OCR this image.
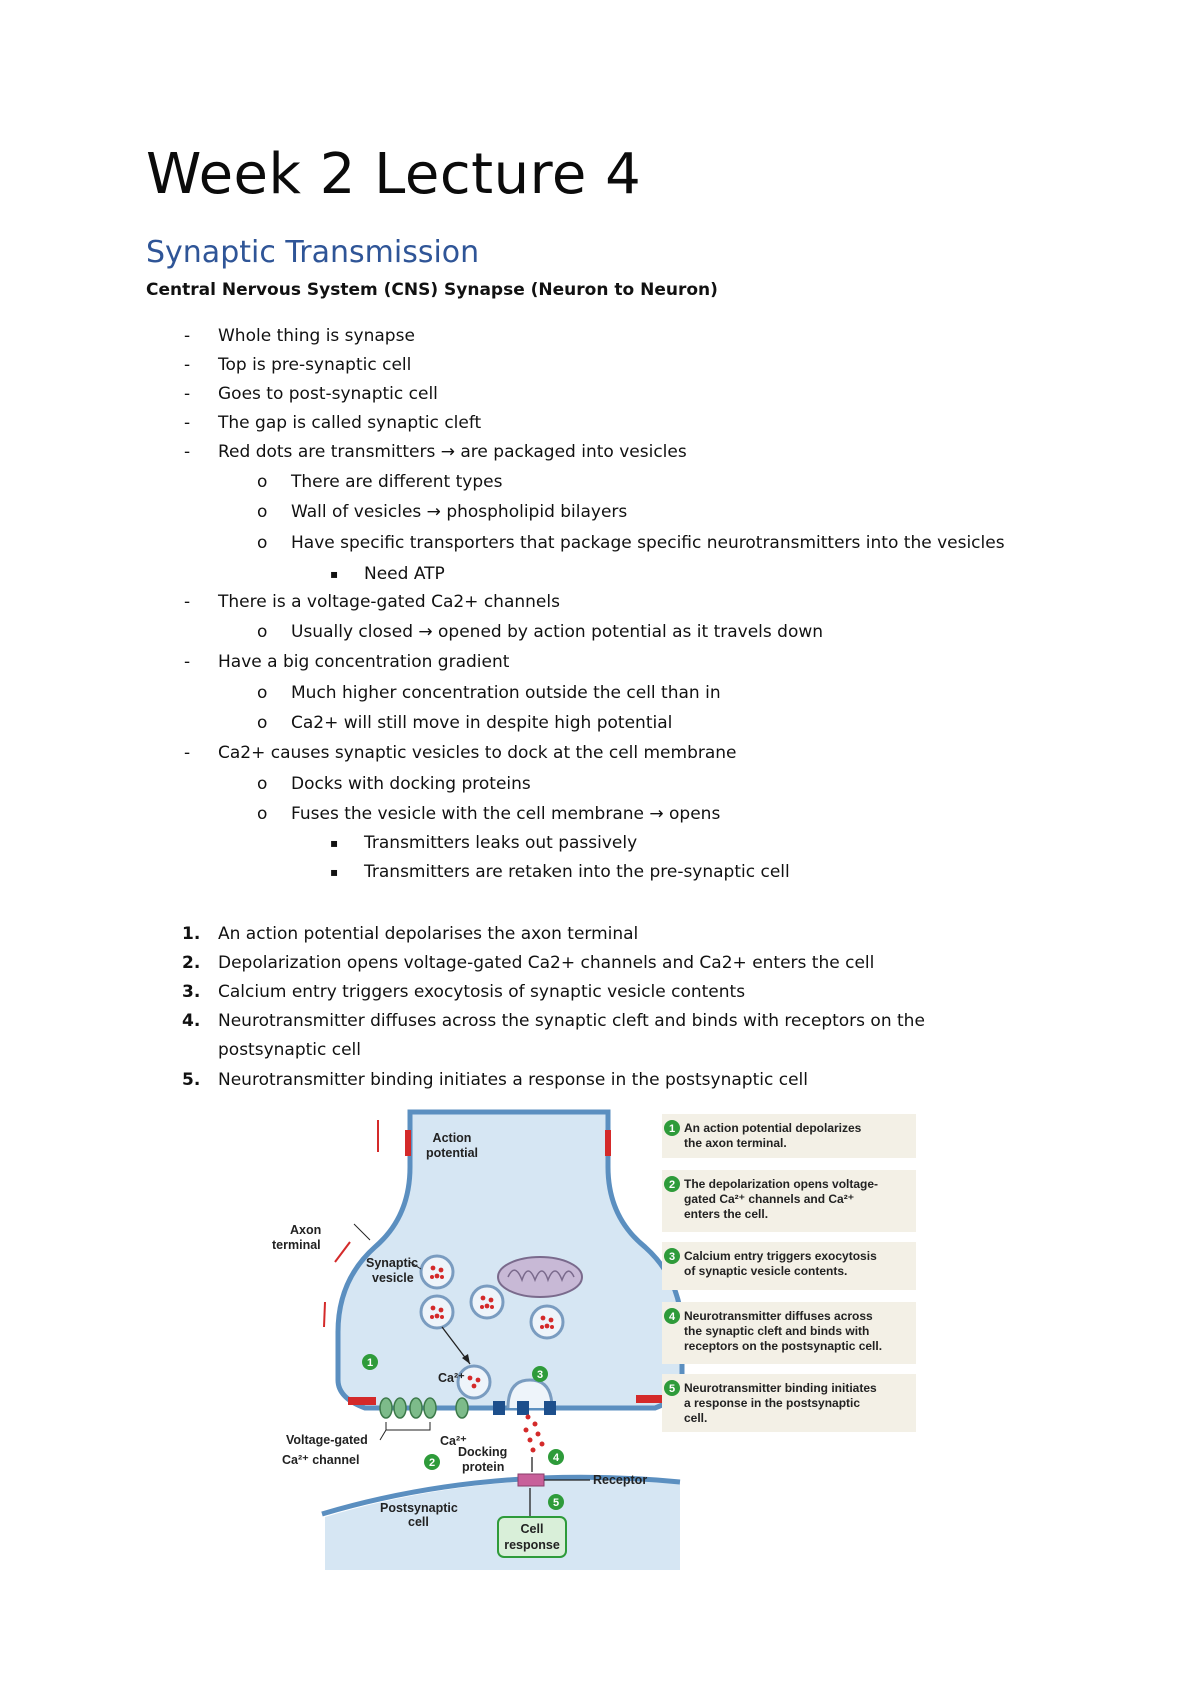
Week 2 Lecture 4
Synaptic Transmission
Central Nervous System (CNS) Synapse (Neuron to Neuron)
- Whole thing is synapse
- Top is pre-synaptic cell
- Goes to post-synaptic cell
- The gap is called synaptic cleft
- Red dots are transmitters → are packaged into vesicles
o There are different types
o Wall of vesicles → phospholipid bilayers
o Have specific transporters that package specific neurotransmitters into the vesicles
▪ Need ATP
- There is a voltage-gated Ca2+ channels
o Usually closed → opened by action potential as it travels down
- Have a big concentration gradient
o Much higher concentration outside the cell than in
o Ca2+ will still move in despite high potential
- Ca2+ causes synaptic vesicles to dock at the cell membrane
o Docks with docking proteins
o Fuses the vesicle with the cell membrane → opens
▪ Transmitters leaks out passively
▪ Transmitters are retaken into the pre-synaptic cell
1. An action potential depolarises the axon terminal
2. Depolarization opens voltage-gated Ca2+ channels and Ca2+ enters the cell
3. Calcium entry triggers exocytosis of synaptic vesicle contents
4. Neurotransmitter diffuses across the synaptic cleft and binds with receptors on the
postsynaptic cell
5. Neurotransmitter binding initiates a response in the postsynaptic cell
Action
potential
Axon
terminal
Synaptic
vesicle
Voltage-gated
Ca²⁺ channel
Ca²⁺
Ca²⁺
Docking
protein
Receptor
Postsynaptic
cell	Cell
response
1
2
3
4
5
1 An action potential depolarizes
the axon terminal.
2 The depolarization opens voltage-
gated Ca²⁺ channels and Ca²⁺
enters the cell.
3 Calcium entry triggers exocytosis
of synaptic vesicle contents.
4 Neurotransmitter diffuses across
the synaptic cleft and binds with
receptors on the postsynaptic cell.
5 Neurotransmitter binding initiates
a response in the postsynaptic
cell.
